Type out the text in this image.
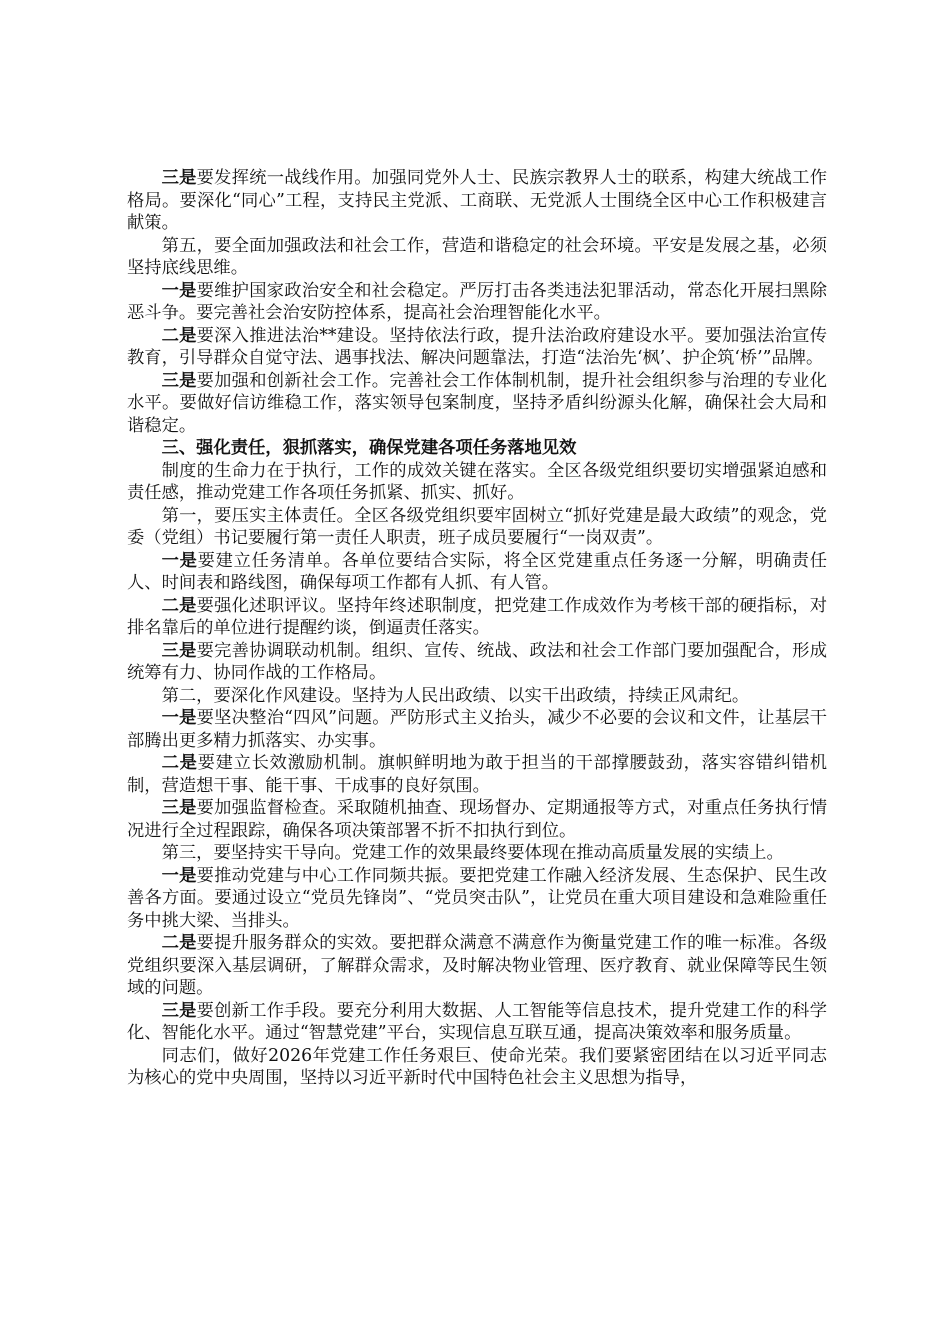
三是要发挥统一战线作用。加强同党外人士、民族宗教界人士的联系，构建大统战工作格局。要深化“同心”工程，支持民主党派、工商联、无党派人士围绕全区中心工作积极建言献策。

第五，要全面加强政法和社会工作，营造和谐稳定的社会环境。平安是发展之基，必须坚持底线思维。

一是要维护国家政治安全和社会稳定。严厉打击各类违法犯罪活动，常态化开展扫黑除恶斗争。要完善社会治安防控体系，提高社会治理智能化水平。

二是要深入推进法治**建设。坚持依法行政，提升法治政府建设水平。要加强法治宣传教育，引导群众自觉守法、遇事找法、解决问题靠法，打造“法治先‘枫’、护企筑‘桥’”品牌。

三是要加强和创新社会工作。完善社会工作体制机制，提升社会组织参与治理的专业化水平。要做好信访维稳工作，落实领导包案制度，坚持矛盾纠纷源头化解，确保社会大局和谐稳定。

三、强化责任，狠抓落实，确保党建各项任务落地见效

制度的生命力在于执行，工作的成效关键在落实。全区各级党组织要切实增强紧迫感和责任感，推动党建工作各项任务抓紧、抓实、抓好。

第一，要压实主体责任。全区各级党组织要牢固树立“抓好党建是最大政绩”的观念，党委（党组）书记要履行第一责任人职责，班子成员要履行“一岗双责”。

一是要建立任务清单。各单位要结合实际，将全区党建重点任务逐一分解，明确责任人、时间表和路线图，确保每项工作都有人抓、有人管。

二是要强化述职评议。坚持年终述职制度，把党建工作成效作为考核干部的硬指标，对排名靠后的单位进行提醒约谈，倒逼责任落实。

三是要完善协调联动机制。组织、宣传、统战、政法和社会工作部门要加强配合，形成统筹有力、协同作战的工作格局。

第二，要深化作风建设。坚持为人民出政绩、以实干出政绩，持续正风肃纪。

一是要坚决整治“四风”问题。严防形式主义抬头，减少不必要的会议和文件，让基层干部腾出更多精力抓落实、办实事。

二是要建立长效激励机制。旗帜鲜明地为敢于担当的干部撑腰鼓劲，落实容错纠错机制，营造想干事、能干事、干成事的良好氛围。

三是要加强监督检查。采取随机抽查、现场督办、定期通报等方式，对重点任务执行情况进行全过程跟踪，确保各项决策部署不折不扣执行到位。

第三，要坚持实干导向。党建工作的效果最终要体现在推动高质量发展的实绩上。

一是要推动党建与中心工作同频共振。要把党建工作融入经济发展、生态保护、民生改善各方面。要通过设立“党员先锋岗”、“党员突击队”，让党员在重大项目建设和急难险重任务中挑大梁、当排头。

二是要提升服务群众的实效。要把群众满意不满意作为衡量党建工作的唯一标准。各级党组织要深入基层调研，了解群众需求，及时解决物业管理、医疗教育、就业保障等民生领域的问题。

三是要创新工作手段。要充分利用大数据、人工智能等信息技术，提升党建工作的科学化、智能化水平。通过“智慧党建”平台，实现信息互联互通，提高决策效率和服务质量。

同志们，做好2026年党建工作任务艰巨、使命光荣。我们要紧密团结在以习近平同志为核心的党中央周围，坚持以习近平新时代中国特色社会主义思想为指导，
